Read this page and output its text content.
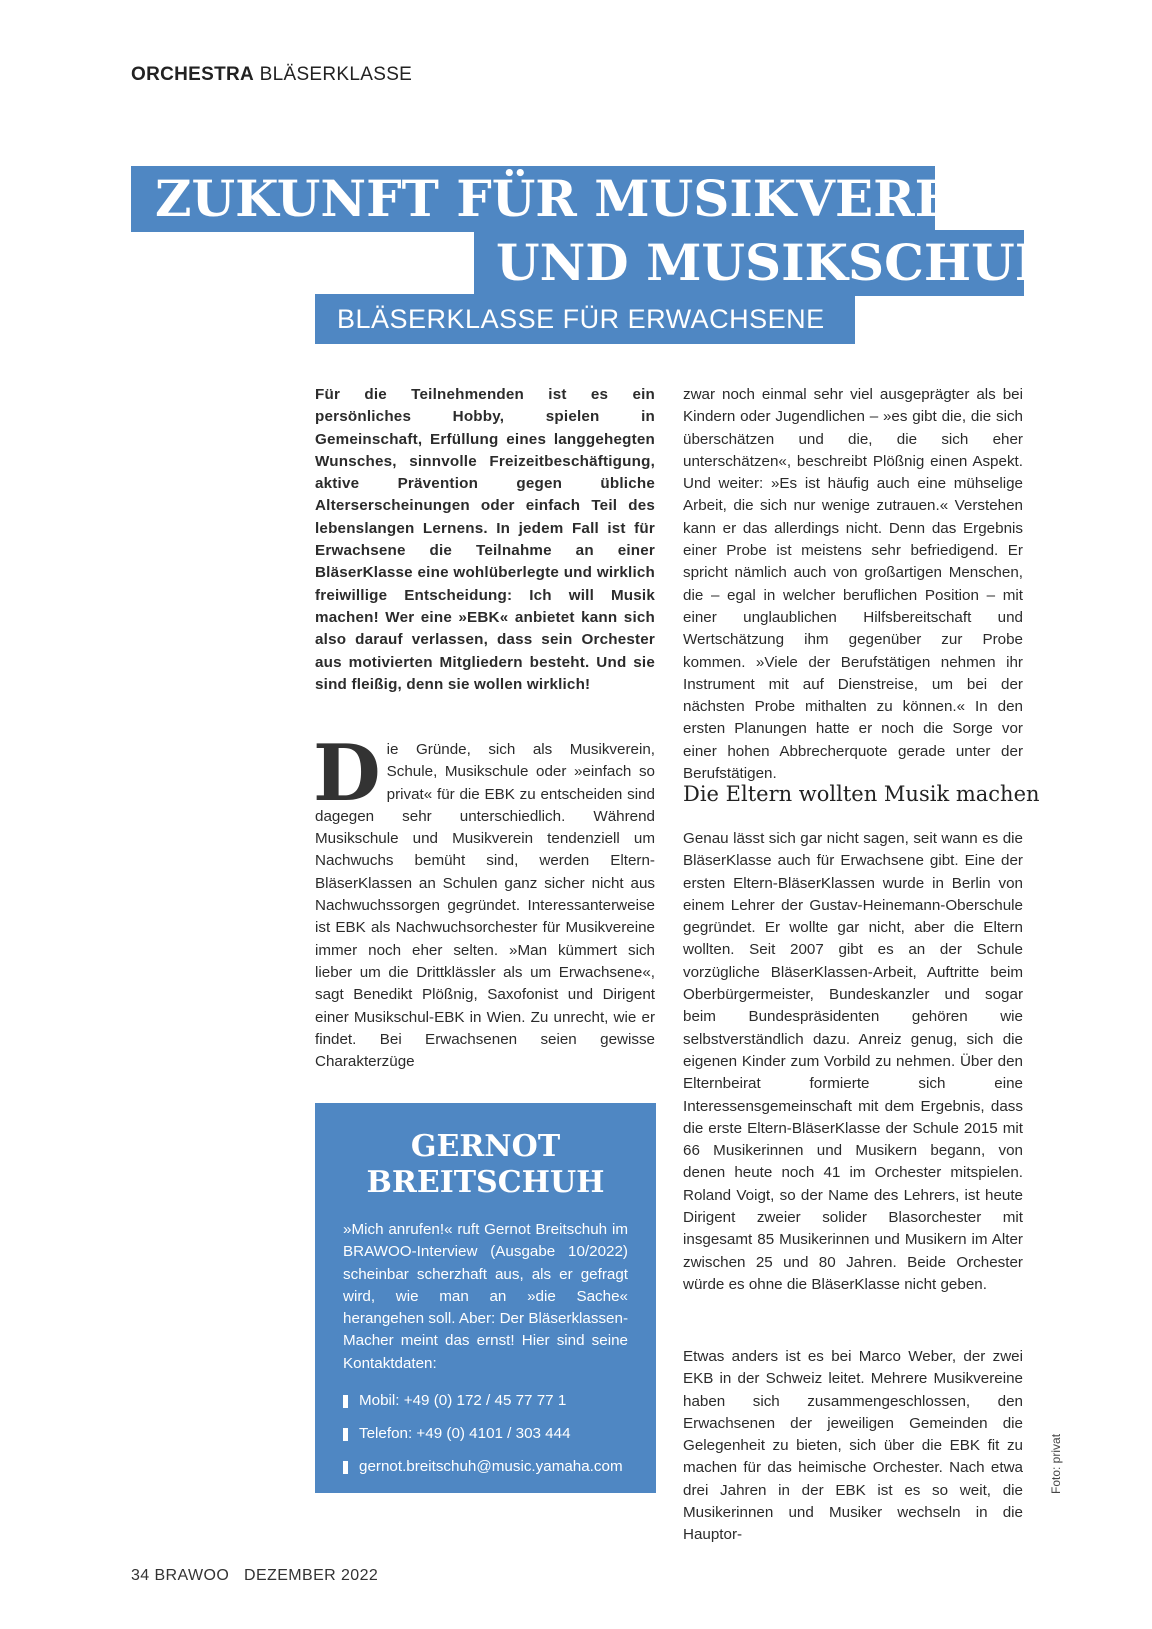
ORCHESTRA BLÄSERKLASSE
ZUKUNFT FÜR MUSIKVEREIN
UND MUSIKSCHULE
BLÄSERKLASSE FÜR ERWACHSENE
Für die Teilnehmenden ist es ein persönliches Hobby, spielen in Gemeinschaft, Erfüllung eines langgehegten Wunsches, sinnvolle Freizeitbeschäftigung, aktive Prävention gegen übliche Alterserscheinungen oder einfach Teil des lebenslangen Lernens. In jedem Fall ist für Erwachsene die Teilnahme an einer BläserKlasse eine wohlüberlegte und wirklich freiwillige Entscheidung: Ich will Musik machen! Wer eine »EBK« anbietet kann sich also darauf verlassen, dass sein Orchester aus motivierten Mitgliedern besteht. Und sie sind fleißig, denn sie wollen wirklich!
D ie Gründe, sich als Musikverein, Schule, Musikschule oder »einfach so privat« für die EBK zu entscheiden sind dagegen sehr unterschiedlich. Während Musikschule und Musikverein tendenziell um Nachwuchs bemüht sind, werden Eltern-BläserKlassen an Schulen ganz sicher nicht aus Nachwuchssorgen gegründet. Interessanterweise ist EBK als Nachwuchsorchester für Musikvereine immer noch eher selten. »Man kümmert sich lieber um die Drittklässler als um Erwachsene«, sagt Benedikt Plößnig, Saxofonist und Dirigent einer Musikschul-EBK in Wien. Zu unrecht, wie er findet. Bei Erwachsenen seien gewisse Charakterzüge
GERNOT
BREITSCHUH
»Mich anrufen!« ruft Gernot Breitschuh im BRAWOO-Interview (Ausgabe 10/2022) scheinbar scherzhaft aus, als er gefragt wird, wie man an »die Sache« herangehen soll. Aber: Der Bläserklassen-Macher meint das ernst! Hier sind seine Kontaktdaten:
Mobil: +49 (0) 172 / 45 77 77 1
Telefon: +49 (0) 4101 / 303 444
gernot.breitschuh@music.yamaha.com
zwar noch einmal sehr viel ausgeprägter als bei Kindern oder Jugendlichen – »es gibt die, die sich überschätzen und die, die sich eher unterschätzen«, beschreibt Plößnig einen Aspekt. Und weiter: »Es ist häufig auch eine mühselige Arbeit, die sich nur wenige zutrauen.« Verstehen kann er das allerdings nicht. Denn das Ergebnis einer Probe ist meistens sehr befriedigend. Er spricht nämlich auch von großartigen Menschen, die – egal in welcher beruflichen Position – mit einer unglaublichen Hilfsbereitschaft und Wertschätzung ihm gegenüber zur Probe kommen. »Viele der Berufstätigen nehmen ihr Instrument mit auf Dienstreise, um bei der nächsten Probe mithalten zu können.« In den ersten Planungen hatte er noch die Sorge vor einer hohen Abbrecherquote gerade unter der Berufstätigen.
Die Eltern wollten Musik machen
Genau lässt sich gar nicht sagen, seit wann es die BläserKlasse auch für Erwachsene gibt. Eine der ersten Eltern-BläserKlassen wurde in Berlin von einem Lehrer der Gustav-Heinemann-Oberschule gegründet. Er wollte gar nicht, aber die Eltern wollten. Seit 2007 gibt es an der Schule vorzügliche BläserKlassen-Arbeit, Auftritte beim Oberbürgermeister, Bundeskanzler und sogar beim Bundespräsidenten gehören wie selbstverständlich dazu. Anreiz genug, sich die eigenen Kinder zum Vorbild zu nehmen. Über den Elternbeirat formierte sich eine Interessensgemeinschaft mit dem Ergebnis, dass die erste Eltern-BläserKlasse der Schule 2015 mit 66 Musikerinnen und Musikern begann, von denen heute noch 41 im Orchester mitspielen. Roland Voigt, so der Name des Lehrers, ist heute Dirigent zweier solider Blasorchester mit insgesamt 85 Musikerinnen und Musikern im Alter zwischen 25 und 80 Jahren. Beide Orchester würde es ohne die BläserKlasse nicht geben.
Etwas anders ist es bei Marco Weber, der zwei EKB in der Schweiz leitet. Mehrere Musikvereine haben sich zusammengeschlossen, den Erwachsenen der jeweiligen Gemeinden die Gelegenheit zu bieten, sich über die EBK fit zu machen für das heimische Orchester. Nach etwa drei Jahren in der EBK ist es so weit, die Musikerinnen und Musiker wechseln in die Hauptor-
Foto: privat
34 BRAWOO DEZEMBER 2022
